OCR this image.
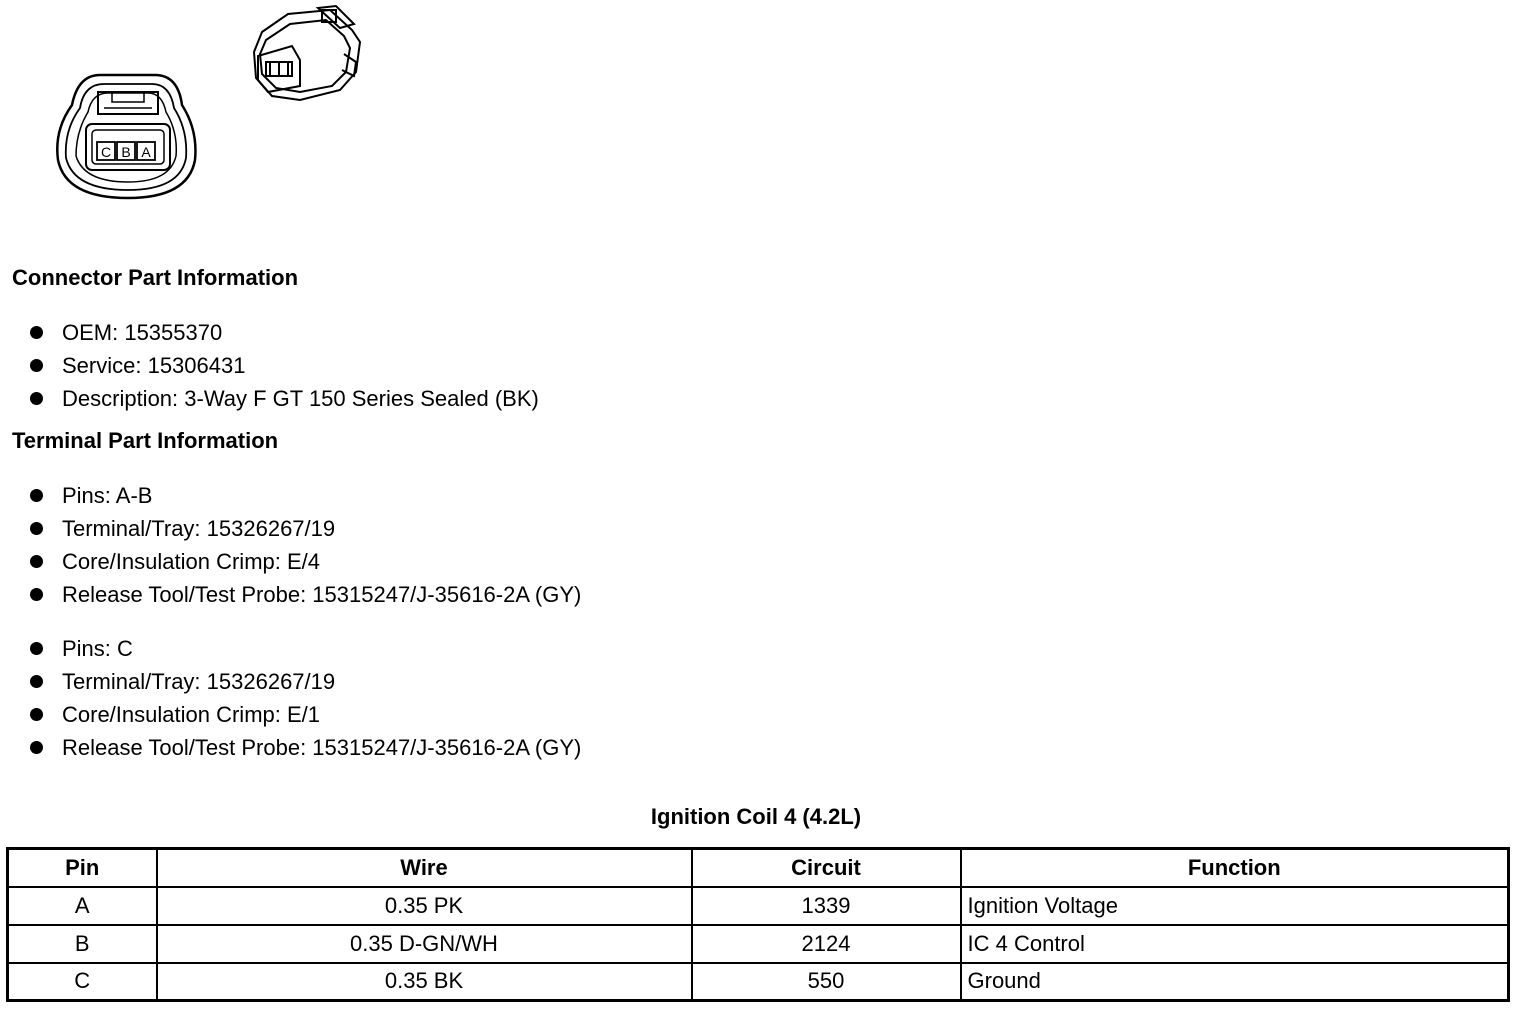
C B A
Connector Part Information
OEM: 15355370
Service: 15306431
Description: 3-Way F GT 150 Series Sealed (BK)
Terminal Part Information
Pins: A-B
Terminal/Tray: 15326267/19
Core/Insulation Crimp: E/4
Release Tool/Test Probe: 15315247/J-35616-2A (GY)
Pins: C
Terminal/Tray: 15326267/19
Core/Insulation Crimp: E/1
Release Tool/Test Probe: 15315247/J-35616-2A (GY)
Ignition Coil 4 (4.2L)
Pin	Wire	Circuit	Function
A	0.35 PK	1339	Ignition Voltage
B	0.35 D-GN/WH	2124	IC 4 Control
C	0.35 BK	550	Ground
